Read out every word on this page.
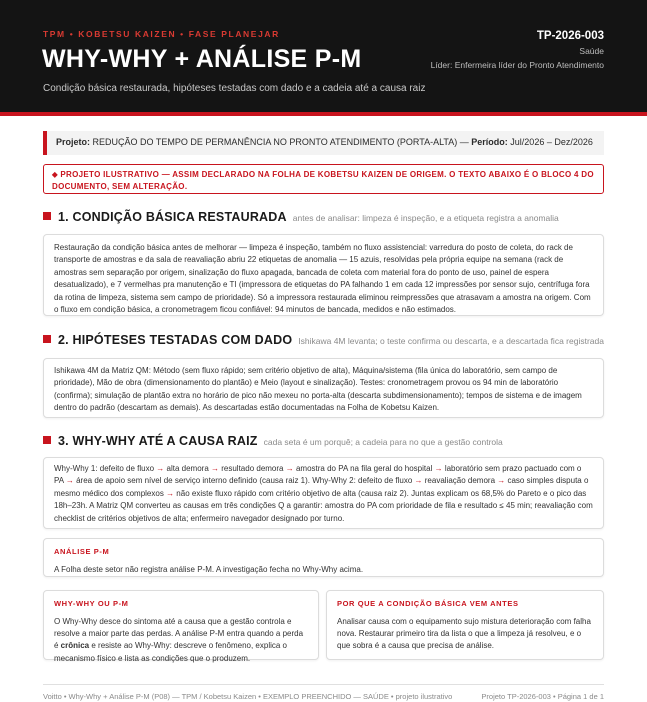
TPM • KOBETSU KAIZEN • FASE PLANEJAR
WHY-WHY + ANÁLISE P-M
Condição básica restaurada, hipóteses testadas com dado e a cadeia até a causa raiz
TP-2026-003
Saúde
Líder: Enfermeira líder do Pronto Atendimento
Projeto: REDUÇÃO DO TEMPO DE PERMANÊNCIA NO PRONTO ATENDIMENTO (PORTA-ALTA) — Período: Jul/2026 – Dez/2026
⬥ PROJETO ILUSTRATIVO — ASSIM DECLARADO NA FOLHA DE KOBETSU KAIZEN DE ORIGEM. O TEXTO ABAIXO É O BLOCO 4 DO DOCUMENTO, SEM ALTERAÇÃO.
1. CONDIÇÃO BÁSICA RESTAURADA antes de analisar: limpeza é inspeção, e a etiqueta registra a anomalia
Restauração da condição básica antes de melhorar — limpeza é inspeção, também no fluxo assistencial: varredura do posto de coleta, do rack de transporte de amostras e da sala de reavaliação abriu 22 etiquetas de anomalia — 15 azuis, resolvidas pela própria equipe na semana (rack de amostras sem separação por origem, sinalização do fluxo apagada, bancada de coleta com material fora do ponto de uso, painel de espera desatualizado), e 7 vermelhas pra manutenção e TI (impressora de etiquetas do PA falhando 1 em cada 12 impressões por sensor sujo, centrífuga fora da rotina de limpeza, sistema sem campo de prioridade). Só a impressora restaurada eliminou reimpressões que atrasavam a amostra na origem. Com o fluxo em condição básica, a cronometragem ficou confiável: 94 minutos de bancada, medidos e não estimados.
2. HIPÓTESES TESTADAS COM DADO Ishikawa 4M levanta; o teste confirma ou descarta, e a descartada fica registrada
Ishikawa 4M da Matriz QM: Método (sem fluxo rápido; sem critério objetivo de alta), Máquina/sistema (fila única do laboratório, sem campo de prioridade), Mão de obra (dimensionamento do plantão) e Meio (layout e sinalização). Testes: cronometragem provou os 94 min de laboratório (confirma); simulação de plantão extra no horário de pico não mexeu no porta-alta (descarta subdimensionamento); tempos de sistema e de imagem dentro do padrão (descartam as demais). As descartadas estão documentadas na Folha de Kobetsu Kaizen.
3. WHY-WHY ATÉ A CAUSA RAIZ cada seta é um porquê; a cadeia para no que a gestão controla
Why-Why 1: defeito de fluxo → alta demora → resultado demora → amostra do PA na fila geral do hospital → laboratório sem prazo pactuado com o PA → área de apoio sem nível de serviço interno definido (causa raiz 1). Why-Why 2: defeito de fluxo → reavaliação demora → caso simples disputa o mesmo médico dos complexos → não existe fluxo rápido com critério objetivo de alta (causa raiz 2). Juntas explicam os 68,5% do Pareto e o pico das 18h–23h. A Matriz QM converteu as causas em três condições Q a garantir: amostra do PA com prioridade de fila e resultado ≤ 45 min; reavaliação com checklist de critérios objetivos de alta; enfermeiro navegador designado por turno.
ANÁLISE P-M
A Folha deste setor não registra análise P-M. A investigação fecha no Why-Why acima.
WHY-WHY OU P-M
O Why-Why desce do sintoma até a causa que a gestão controla e resolve a maior parte das perdas. A análise P-M entra quando a perda é crônica e resiste ao Why-Why: descreve o fenômeno, explica o mecanismo físico e lista as condições que o produzem.
POR QUE A CONDIÇÃO BÁSICA VEM ANTES
Analisar causa com o equipamento sujo mistura deterioração com falha nova. Restaurar primeiro tira da lista o que a limpeza já resolveu, e o que sobra é a causa que precisa de análise.
Voitto • Why-Why + Análise P-M (P08) — TPM / Kobetsu Kaizen • EXEMPLO PREENCHIDO — SAÚDE • projeto ilustrativo	Projeto TP-2026-003 • Página 1 de 1
